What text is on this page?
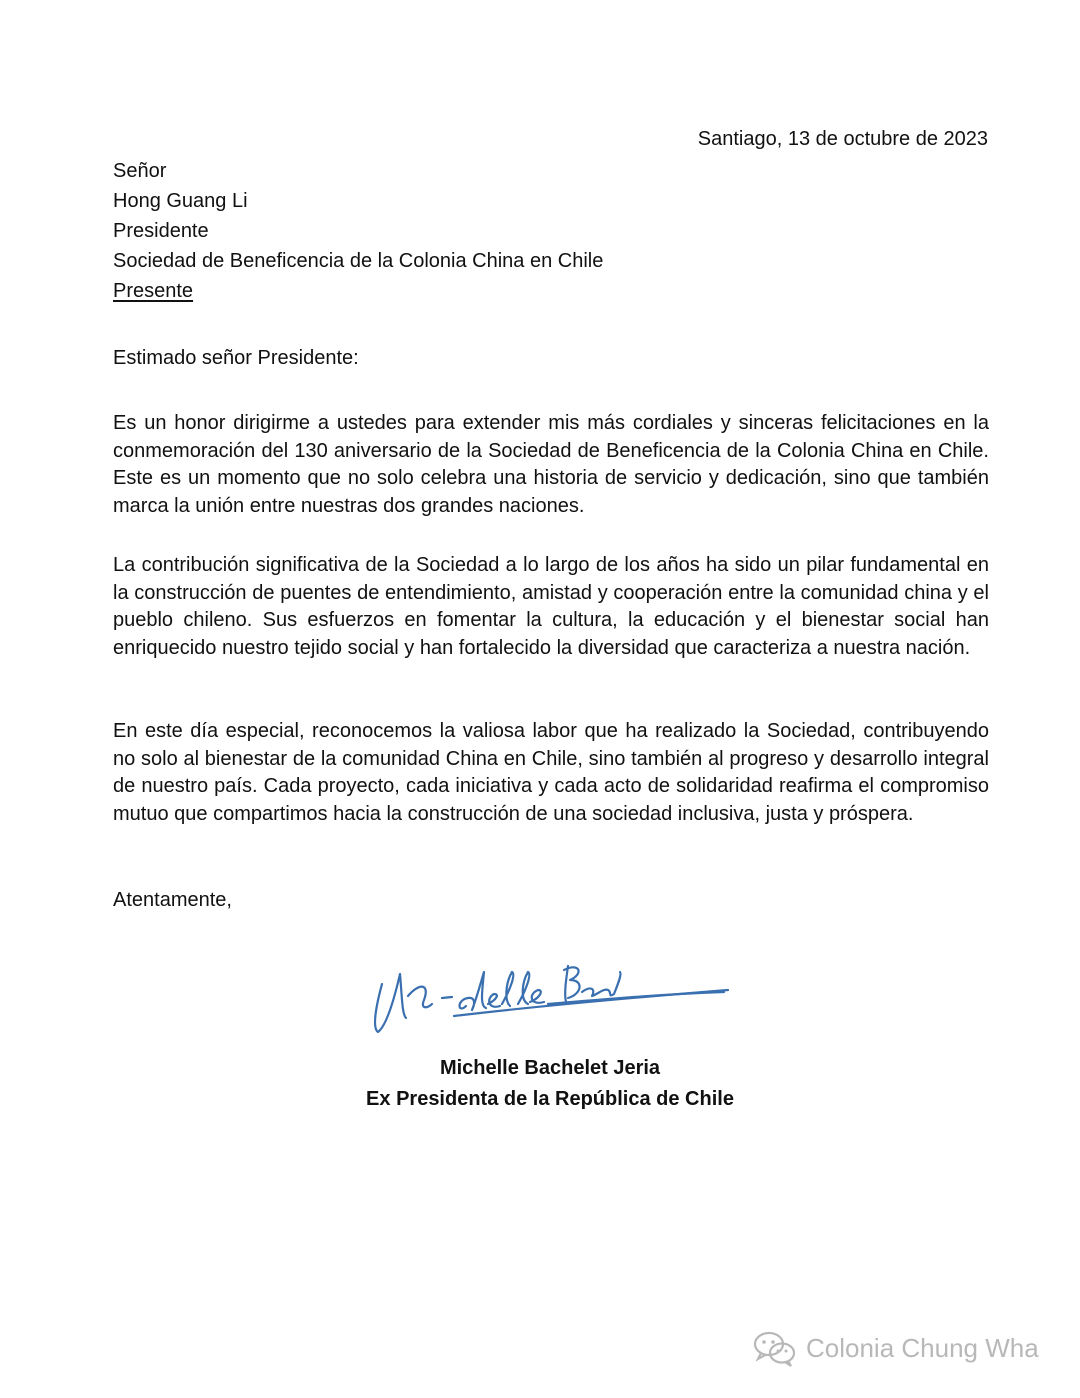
Santiago, 13 de octubre de 2023
Señor
Hong Guang Li
Presidente
Sociedad de Beneficencia de la Colonia China en Chile
Presente
Estimado señor Presidente:

Es un honor dirigirme a ustedes para extender mis más cordiales y sinceras felicitaciones en la conmemoración del 130 aniversario de la Sociedad de Beneficencia de la Colonia China en Chile. Este es un momento que no solo celebra una historia de servicio y dedicación, sino que también marca la unión entre nuestras dos grandes naciones.

La contribución significativa de la Sociedad a lo largo de los años ha sido un pilar fundamental en la construcción de puentes de entendimiento, amistad y cooperación entre la comunidad china y el pueblo chileno. Sus esfuerzos en fomentar la cultura, la educación y el bienestar social han enriquecido nuestro tejido social y han fortalecido la diversidad que caracteriza a nuestra nación.

En este día especial, reconocemos la valiosa labor que ha realizado la Sociedad, contribuyendo no solo al bienestar de la comunidad China en Chile, sino también al progreso y desarrollo integral de nuestro país. Cada proyecto, cada iniciativa y cada acto de solidaridad reafirma el compromiso mutuo que compartimos hacia la construcción de una sociedad inclusiva, justa y próspera.

Atentamente,
Michelle Bachelet Jeria
Ex Presidenta de la República de Chile
Colonia Chung Wha
